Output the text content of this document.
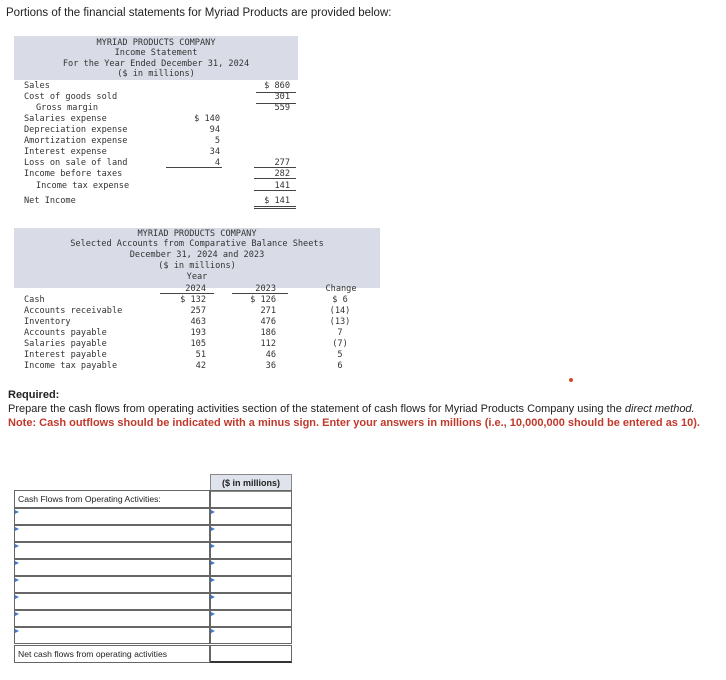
Portions of the financial statements for Myriad Products are provided below:
MYRIAD PRODUCTS COMPANY
Income Statement
For the Year Ended December 31, 2024
($ in millions)
Sales	$ 860
Cost of goods sold	301
Gross margin	559
Salaries expense	$ 140
Depreciation expense	94
Amortization expense	5
Interest expense	34
Loss on sale of land	4	277
Income before taxes	282
Income tax expense	141
Net Income	$ 141
MYRIAD PRODUCTS COMPANY
Selected Accounts from Comparative Balance Sheets
December 31, 2024 and 2023
($ in millions)
Year
2024	2023	Change
Cash	$ 132	$ 126	$ 6
Accounts receivable	257	271	(14)
Inventory	463	476	(13)
Accounts payable	193	186	7
Salaries payable	105	112	(7)
Interest payable	51	46	5
Income tax payable	42	36	6
Required:
Prepare the cash flows from operating activities section of the statement of cash flows for Myriad Products Company using the direct method.
Note: Cash outflows should be indicated with a minus sign. Enter your answers in millions (i.e., 10,000,000 should be entered as 10).
($ in millions)
Cash Flows from Operating Activities:
Net cash flows from operating activities
